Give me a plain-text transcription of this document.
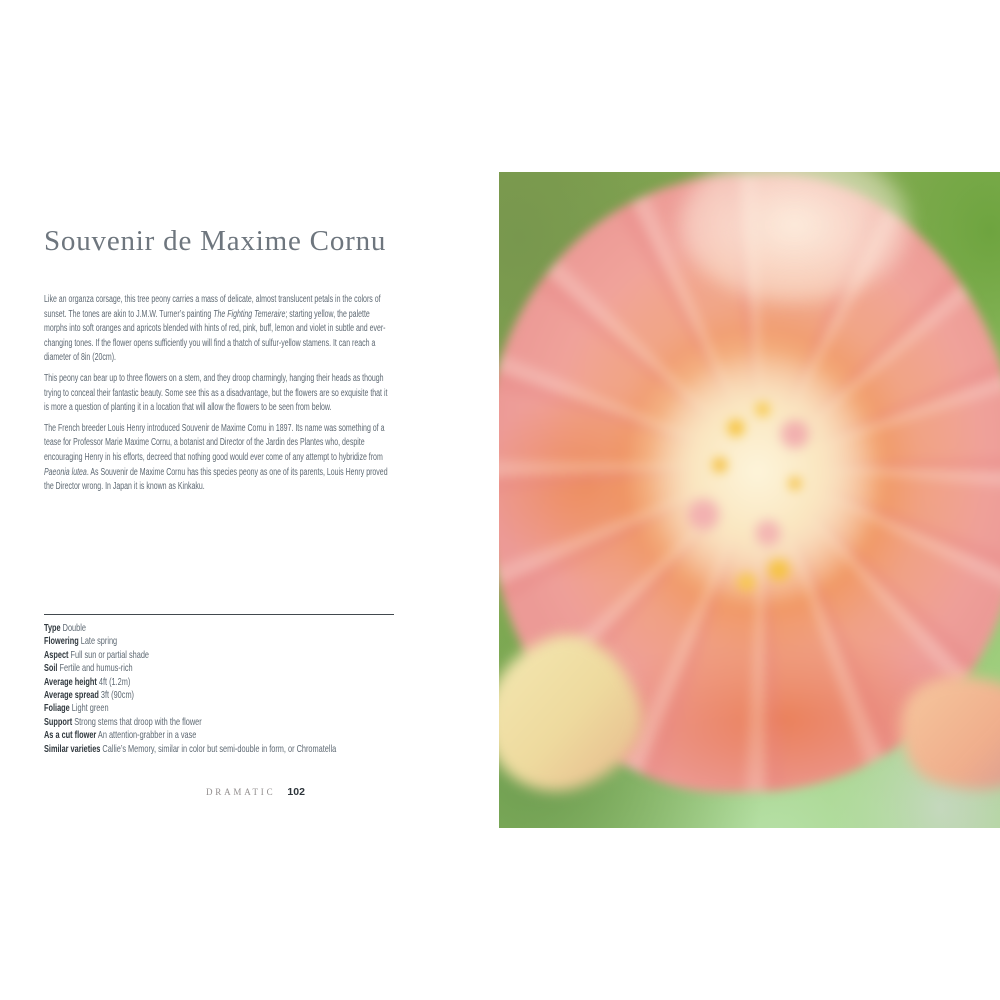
Souvenir de Maxime Cornu

Like an organza corsage, this tree peony carries a mass of delicate, almost translucent petals in the colors of sunset. The tones are akin to J.M.W. Turner’s painting The Fighting Temeraire; starting yellow, the palette morphs into soft oranges and apricots blended with hints of red, pink, buff, lemon and violet in subtle and ever-changing tones. If the flower opens sufficiently you will find a thatch of sulfur-yellow stamens. It can reach a diameter of 8in (20cm).

This peony can bear up to three flowers on a stem, and they droop charmingly, hanging their heads as though trying to conceal their fantastic beauty. Some see this as a disadvantage, but the flowers are so exquisite that it is more a question of planting it in a location that will allow the flowers to be seen from below.

The French breeder Louis Henry introduced Souvenir de Maxime Cornu in 1897. Its name was something of a tease for Professor Marie Maxime Cornu, a botanist and Director of the Jardin des Plantes who, despite encouraging Henry in his efforts, decreed that nothing good would ever come of any attempt to hybridize from Paeonia lutea. As Souvenir de Maxime Cornu has this species peony as one of its parents, Louis Henry proved the Director wrong. In Japan it is known as Kinkaku.

Type Double
Flowering Late spring
Aspect Full sun or partial shade
Soil Fertile and humus-rich
Average height 4ft (1.2m)
Average spread 3ft (90cm)
Foliage Light green
Support Strong stems that droop with the flower
As a cut flower An attention-grabber in a vase
Similar varieties Callie’s Memory, similar in color but semi-double in form, or Chromatella
DRAMATIC 102
